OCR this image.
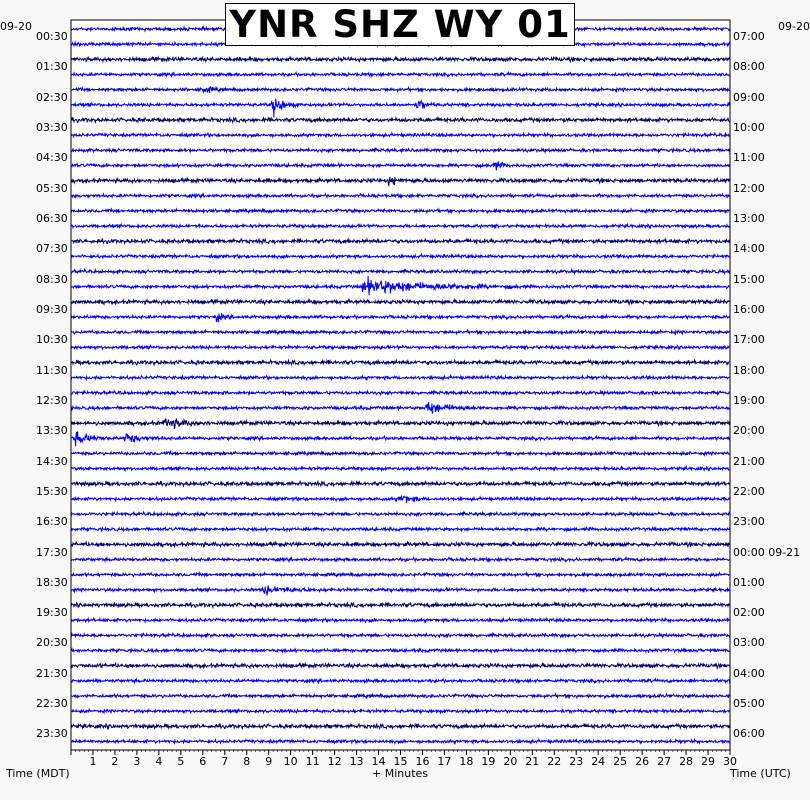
1 2 3 4 5 6 7 8 9 10 11 12 13 14 15 16 17 18 19 20 21 22 23 24 25 26 27 28 29 30
YNR SHZ WY 01
09-20	09-20
00:30
01:30
02:30
03:30
04:30
05:30
06:30
07:30
08:30
09:30
10:30
11:30
12:30
13:30
14:30
15:30
16:30
17:30
18:30
19:30
20:30
21:30
22:30
23:30
07:00
08:00
09:00
10:00
11:00
12:00
13:00
14:00
15:00
16:00
17:00
18:00
19:00
20:00
21:00
22:00
23:00
00:00 09-21
01:00
02:00
03:00
04:00
05:00
06:00
Time (MDT)	+ Minutes	Time (UTC)
